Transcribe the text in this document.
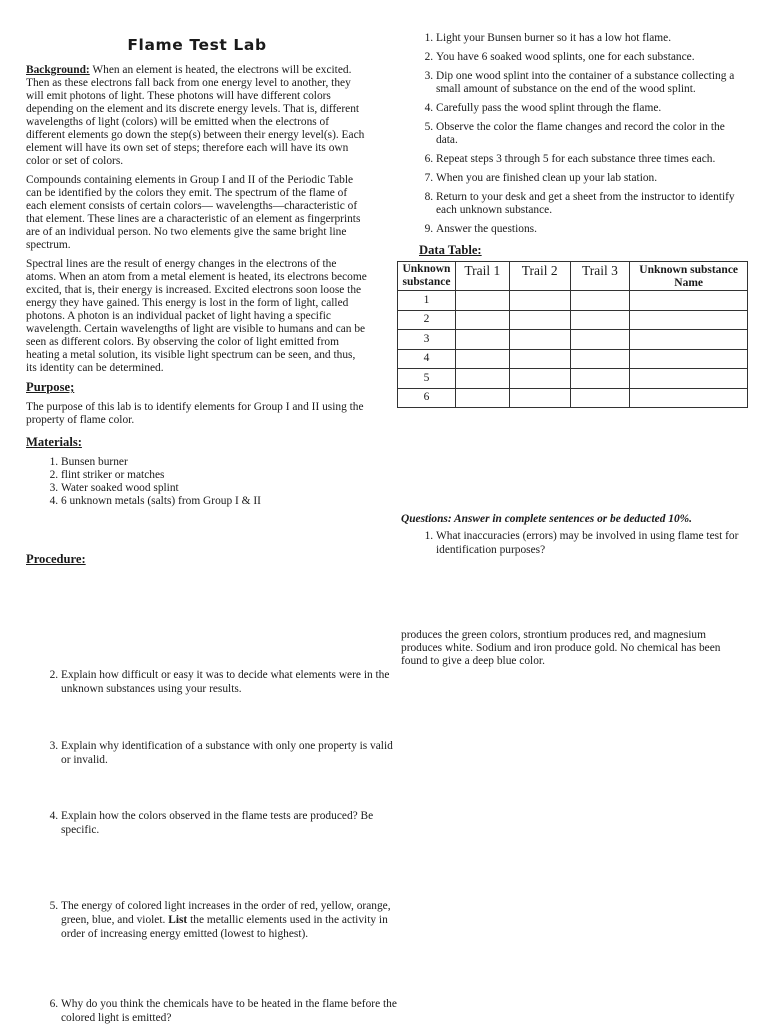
Flame Test Lab

Background: When an element is heated, the electrons will be excited. Then as these electrons fall back from one energy level to another, they will emit photons of light. These photons will have different colors depending on the element and its discrete energy levels. That is, different wavelengths of light (colors) will be emitted when the electrons of different elements go down the step(s) between their energy level(s). Each element will have its own set of steps; therefore each will have its own color or set of colors.

Compounds containing elements in Group I and II of the Periodic Table can be identified by the colors they emit. The spectrum of the flame of each element consists of certain colors— wavelengths—characteristic of that element. These lines are a characteristic of an element as fingerprints are of an individual person. No two elements give the same bright line spectrum.

Spectral lines are the result of energy changes in the electrons of the atoms. When an atom from a metal element is heated, its electrons become excited, that is, their energy is increased. Excited electrons soon loose the energy they have gained. This energy is lost in the form of light, called photons. A photon is an individual packet of light having a specific wavelength. Certain wavelengths of light are visible to humans and can be seen as different colors. By observing the color of light emitted from heating a metal solution, its visible light spectrum can be seen, and thus, its identity can be determined.

Purpose;

The purpose of this lab is to identify elements for Group I and II using the property of flame color.

Materials:
1. Bunsen burner
2. flint striker or matches
3. Water soaked wood splint
4. 6 unknown metals (salts) from Group I & II
Procedure:
2. Explain how difficult or easy it was to decide what elements were in the unknown substances using your results.
3. Explain why identification of a substance with only one property is valid or invalid.
4. Explain how the colors observed in the flame tests are produced? Be specific.
5. The energy of colored light increases in the order of red, yellow, orange, green, blue, and violet. List the metallic elements used in the activity in order of increasing energy emitted (lowest to highest).
6. Why do you think the chemicals have to be heated in the flame before the colored light is emitted?
1. Light your Bunsen burner so it has a low hot flame.
2. You have 6 soaked wood splints, one for each substance.
3. Dip one wood splint into the container of a substance collecting a small amount of substance on the end of the wood splint.
4. Carefully pass the wood splint through the flame.
5. Observe the color the flame changes and record the color in the data.
6. Repeat steps 3 through 5 for each substance three times each.
7. When you are finished clean up your lab station.
8. Return to your desk and get a sheet from the instructor to identify each unknown substance.
9. Answer the questions.
Data Table:
Unknown substance	Trail 1	Trail 2	Trail 3	Unknown substance Name
1				
2				
3				
4				
5				
6				
Questions: Answer in complete sentences or be deducted 10%.
1. What inaccuracies (errors) may be involved in using flame test for identification purposes?

produces the green colors, strontium produces red, and magnesium produces white. Sodium and iron produce gold. No chemical has been found to give a deep blue color.
